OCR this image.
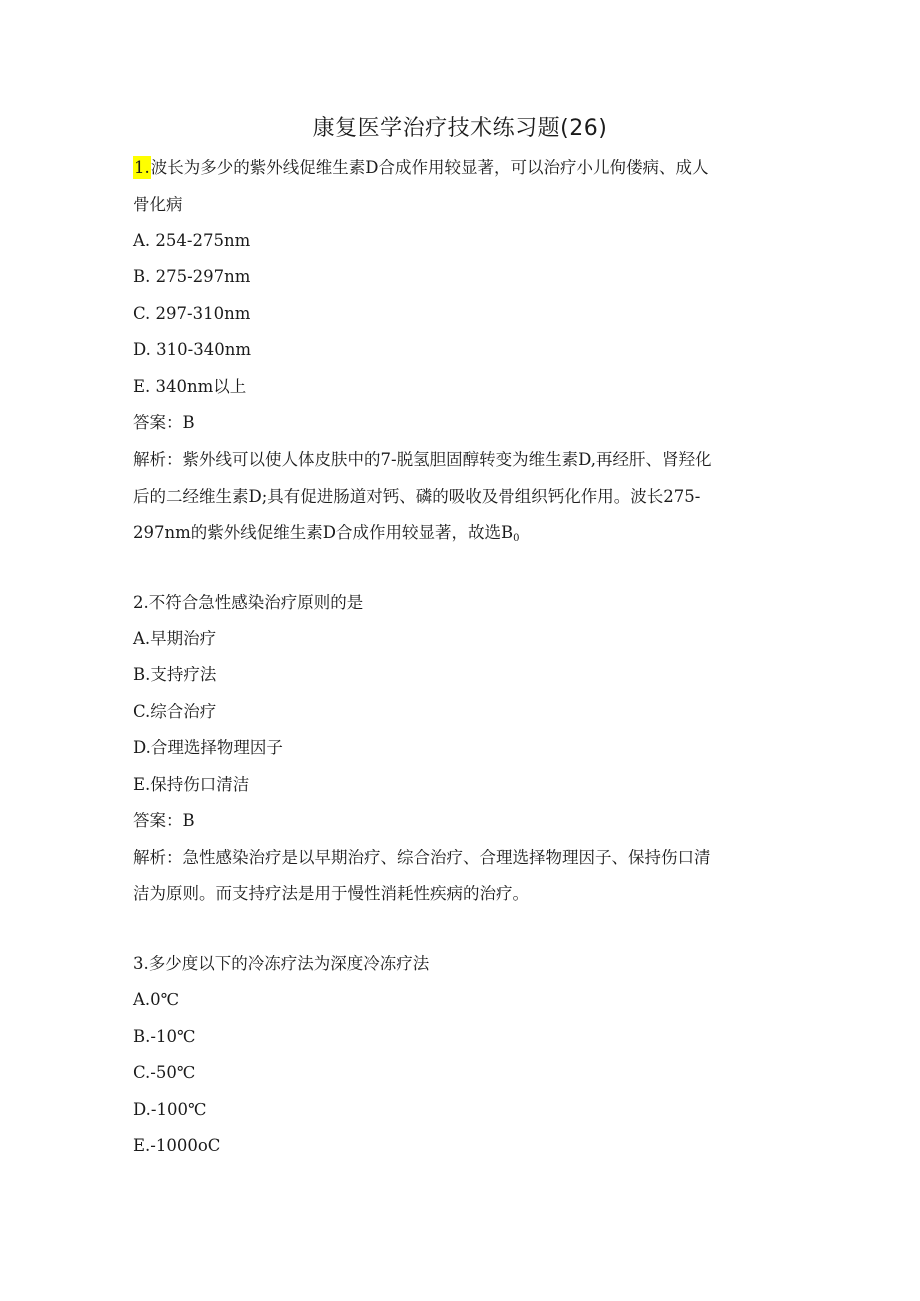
康复医学治疗技术练习题(26)
1.波长为多少的紫外线促维生素D合成作用较显著，可以治疗小儿佝偻病、成人
骨化病
A. 254-275nm
B. 275-297nm
C. 297-310nm
D. 310-340nm
E. 340nm以上
答案：B
解析：紫外线可以使人体皮肤中的7-脱氢胆固醇转变为维生素D,再经肝、肾羟化
后的二经维生素D;具有促进肠道对钙、磷的吸收及骨组织钙化作用。波长275-
297nm的紫外线促维生素D合成作用较显著，故选$B_0$
2.不符合急性感染治疗原则的是
A.早期治疗
B.支持疗法
C.综合治疗
D.合理选择物理因子
E.保持伤口清洁
答案：B
解析：急性感染治疗是以早期治疗、综合治疗、合理选择物理因子、保持伤口清
洁为原则。而支持疗法是用于慢性消耗性疾病的治疗。
3.多少度以下的冷冻疗法为深度冷冻疗法
A.0℃
B.-10℃
C.-50℃
D.-100℃
E.-1000oC
